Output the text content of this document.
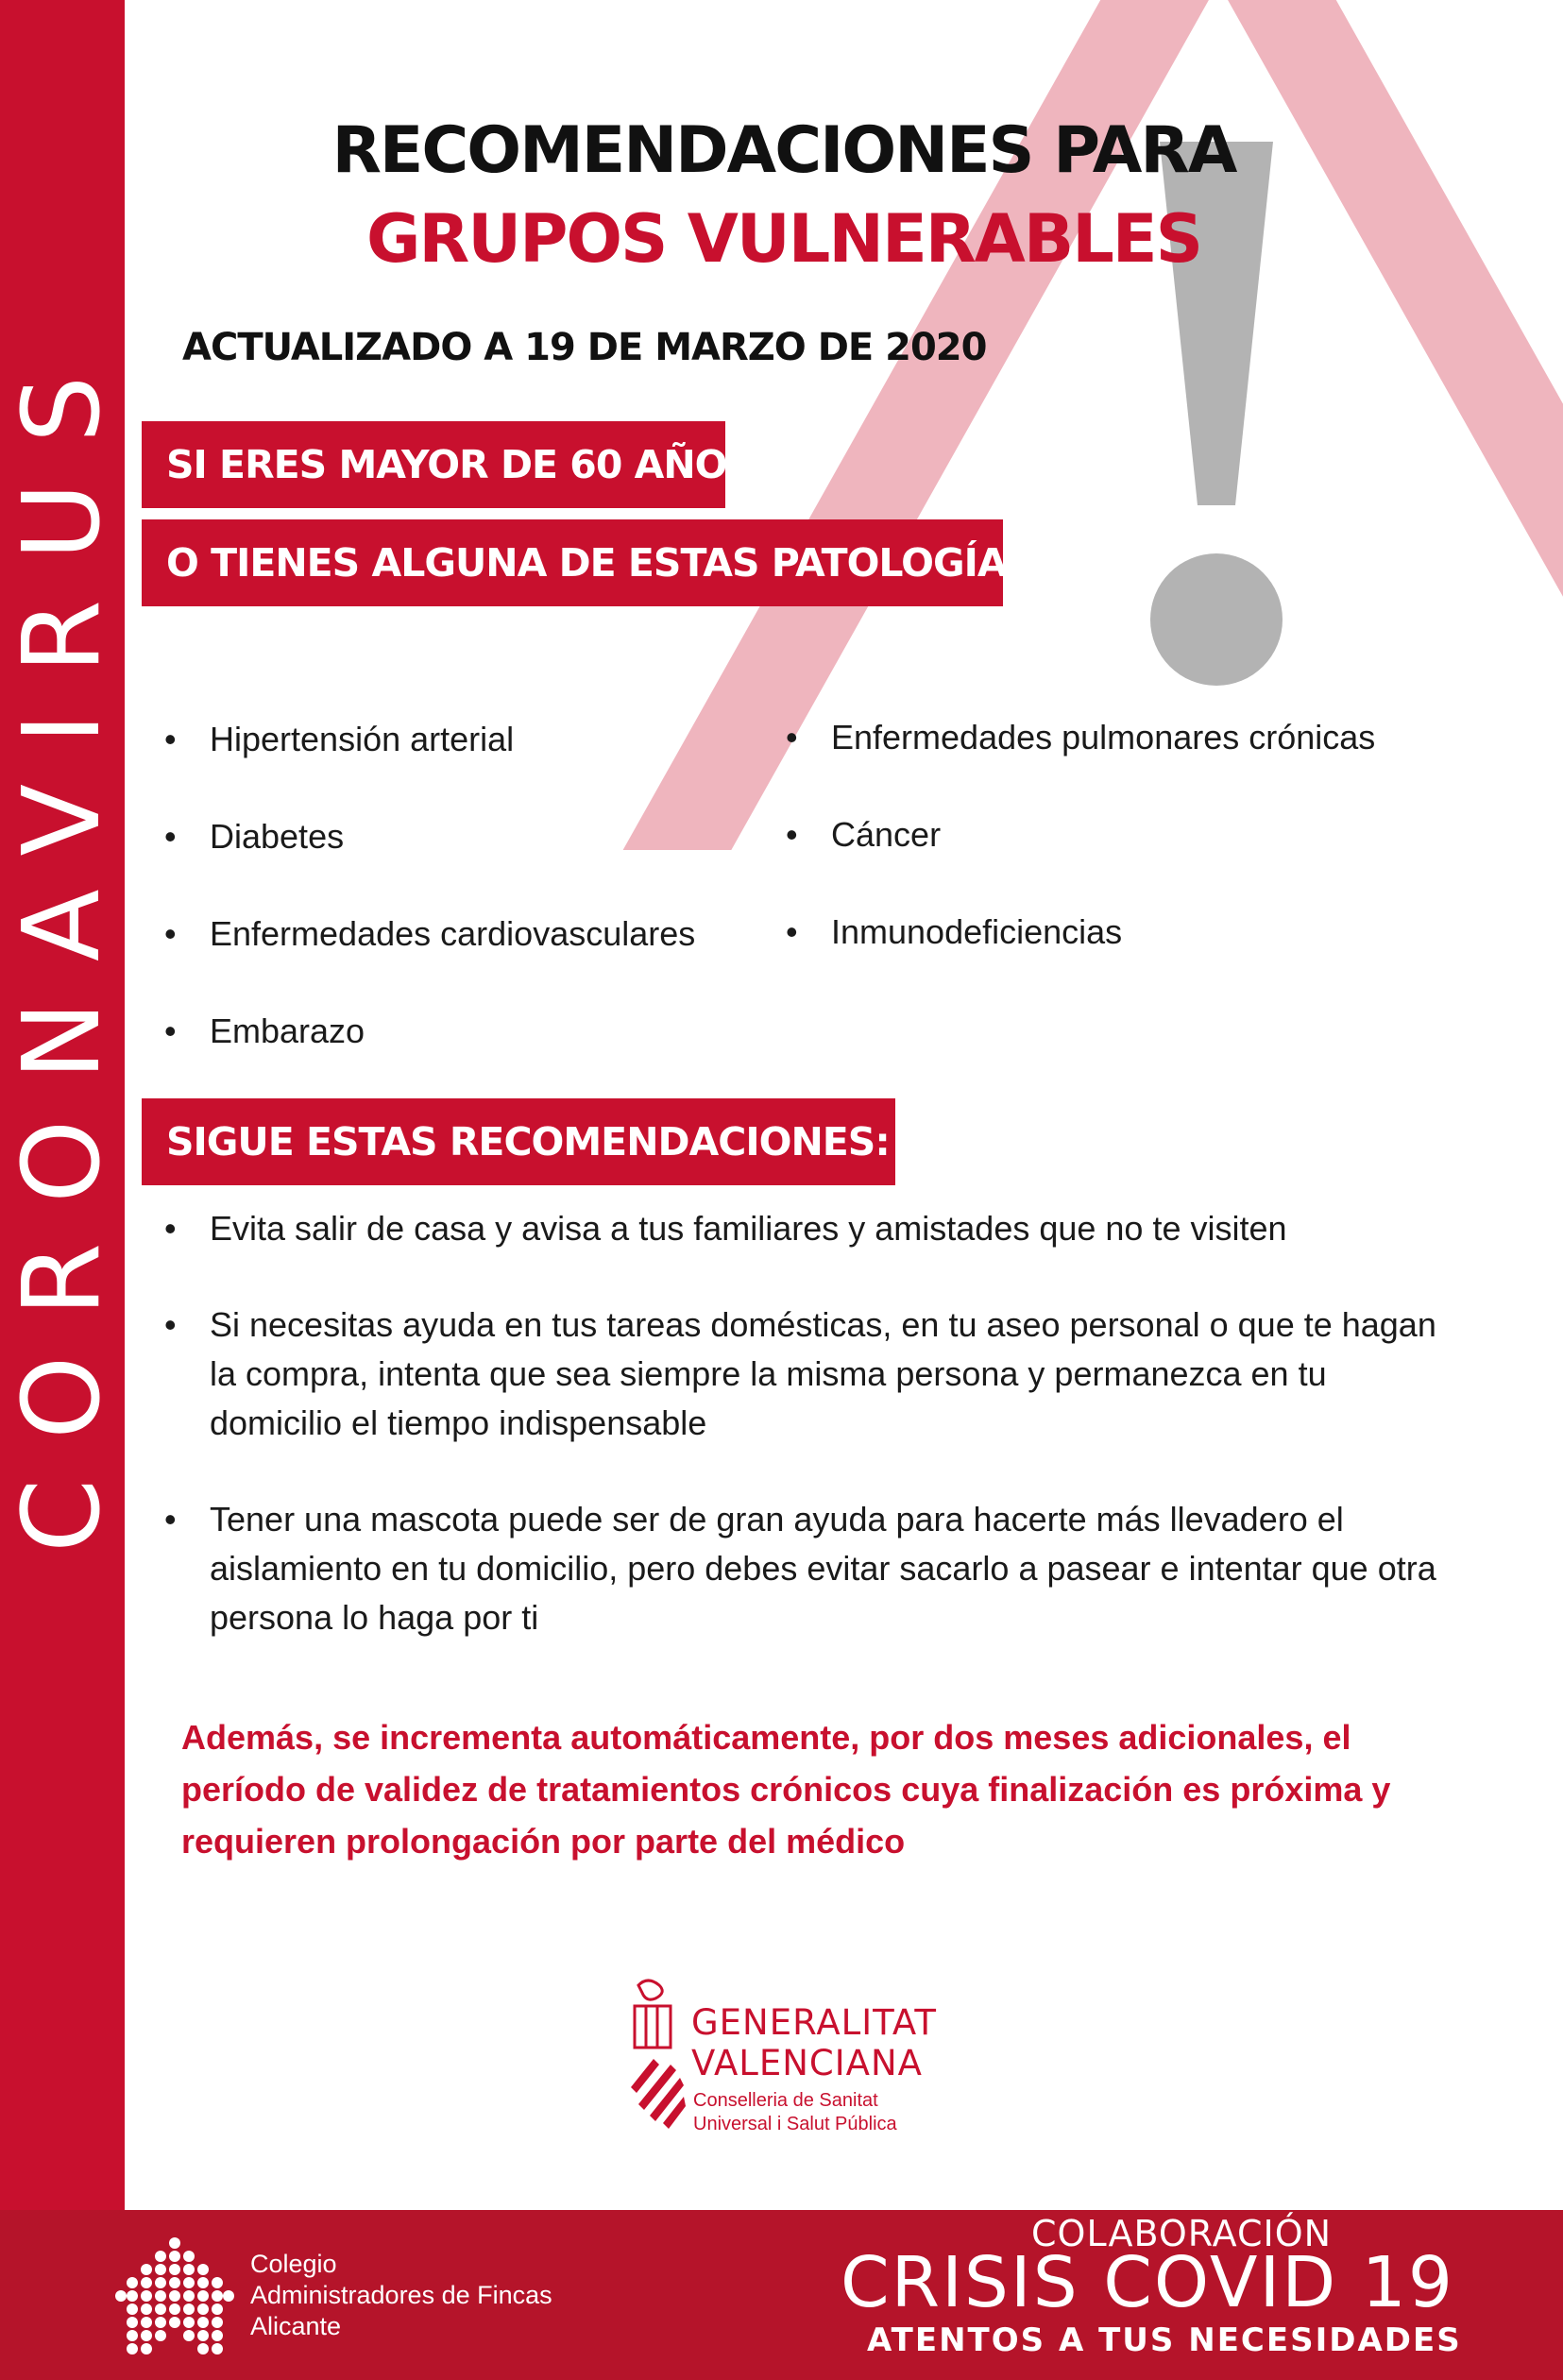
CORONAVIRUS
RECOMENDACIONES PARA
GRUPOS VULNERABLES
ACTUALIZADO A 19 DE MARZO DE 2020
SI ERES MAYOR DE 60 AÑOS
O TIENES ALGUNA DE ESTAS PATOLOGÍAS:
• Hipertensión arterial
• Diabetes
• Enfermedades cardiovasculares
• Embarazo
• Enfermedades pulmonares crónicas
• Cáncer
• Inmunodeficiencias
SIGUE ESTAS RECOMENDACIONES:
• Evita salir de casa y avisa a tus familiares y amistades que no te visiten
• Si necesitas ayuda en tus tareas domésticas, en tu aseo personal o que te hagan la compra, intenta que sea siempre la misma persona y permanezca en tu domicilio el tiempo indispensable
• Tener una mascota puede ser de gran ayuda para hacerte más llevadero el aislamiento en tu domicilio, pero debes evitar sacarlo a pasear e intentar que otra persona lo haga por ti
Además, se incrementa automáticamente, por dos meses adicionales, el período de validez de tratamientos crónicos cuya finalización es próxima y requieren prolongación por parte del médico
GENERALITAT
VALENCIANA
Conselleria de Sanitat
Universal i Salut Pública
Colegio
Administradores de Fincas
Alicante
COLABORACIÓN
CRISIS COVID 19
ATENTOS A TUS NECESIDADES
